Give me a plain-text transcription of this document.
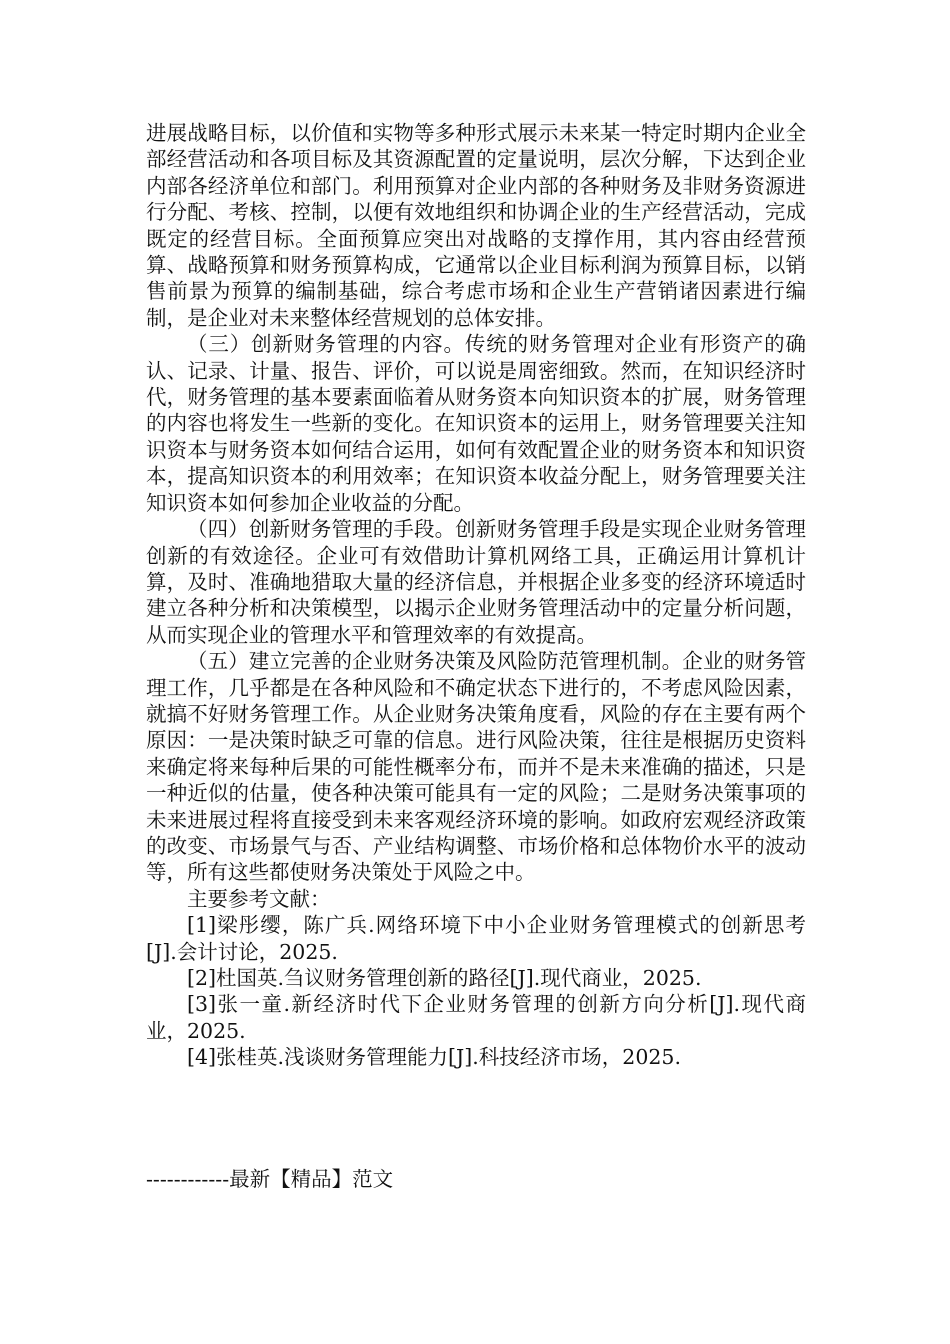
进展战略目标，以价值和实物等多种形式展示未来某一特定时期内企业全部经营活动和各项目标及其资源配置的定量说明，层次分解，下达到企业内部各经济单位和部门。利用预算对企业内部的各种财务及非财务资源进行分配、考核、控制，以便有效地组织和协调企业的生产经营活动，完成既定的经营目标。全面预算应突出对战略的支撑作用，其内容由经营预算、战略预算和财务预算构成，它通常以企业目标利润为预算目标，以销售前景为预算的编制基础，综合考虑市场和企业生产营销诸因素进行编制，是企业对未来整体经营规划的总体安排。

（三）创新财务管理的内容。传统的财务管理对企业有形资产的确认、记录、计量、报告、评价，可以说是周密细致。然而，在知识经济时代，财务管理的基本要素面临着从财务资本向知识资本的扩展，财务管理的内容也将发生一些新的变化。在知识资本的运用上，财务管理要关注知识资本与财务资本如何结合运用，如何有效配置企业的财务资本和知识资本，提高知识资本的利用效率；在知识资本收益分配上，财务管理要关注知识资本如何参加企业收益的分配。

（四）创新财务管理的手段。创新财务管理手段是实现企业财务管理创新的有效途径。企业可有效借助计算机网络工具，正确运用计算机计算，及时、准确地猎取大量的经济信息，并根据企业多变的经济环境适时建立各种分析和决策模型，以揭示企业财务管理活动中的定量分析问题，从而实现企业的管理水平和管理效率的有效提高。

（五）建立完善的企业财务决策及风险防范管理机制。企业的财务管理工作，几乎都是在各种风险和不确定状态下进行的，不考虑风险因素，就搞不好财务管理工作。从企业财务决策角度看，风险的存在主要有两个原因：一是决策时缺乏可靠的信息。进行风险决策，往往是根据历史资料来确定将来每种后果的可能性概率分布，而并不是未来准确的描述，只是一种近似的估量，使各种决策可能具有一定的风险；二是财务决策事项的未来进展过程将直接受到未来客观经济环境的影响。如政府宏观经济政策的改变、市场景气与否、产业结构调整、市场价格和总体物价水平的波动等，所有这些都使财务决策处于风险之中。

主要参考文献：

[1]梁彤缨，陈广兵.网络环境下中小企业财务管理模式的创新思考[J].会计讨论，2025.

[2]杜国英.刍议财务管理创新的路径[J].现代商业，2025.

[3]张一童.新经济时代下企业财务管理的创新方向分析[J].现代商业，2025.

[4]张桂英.浅谈财务管理能力[J].科技经济市场，2025.

------------最新【精品】范文
